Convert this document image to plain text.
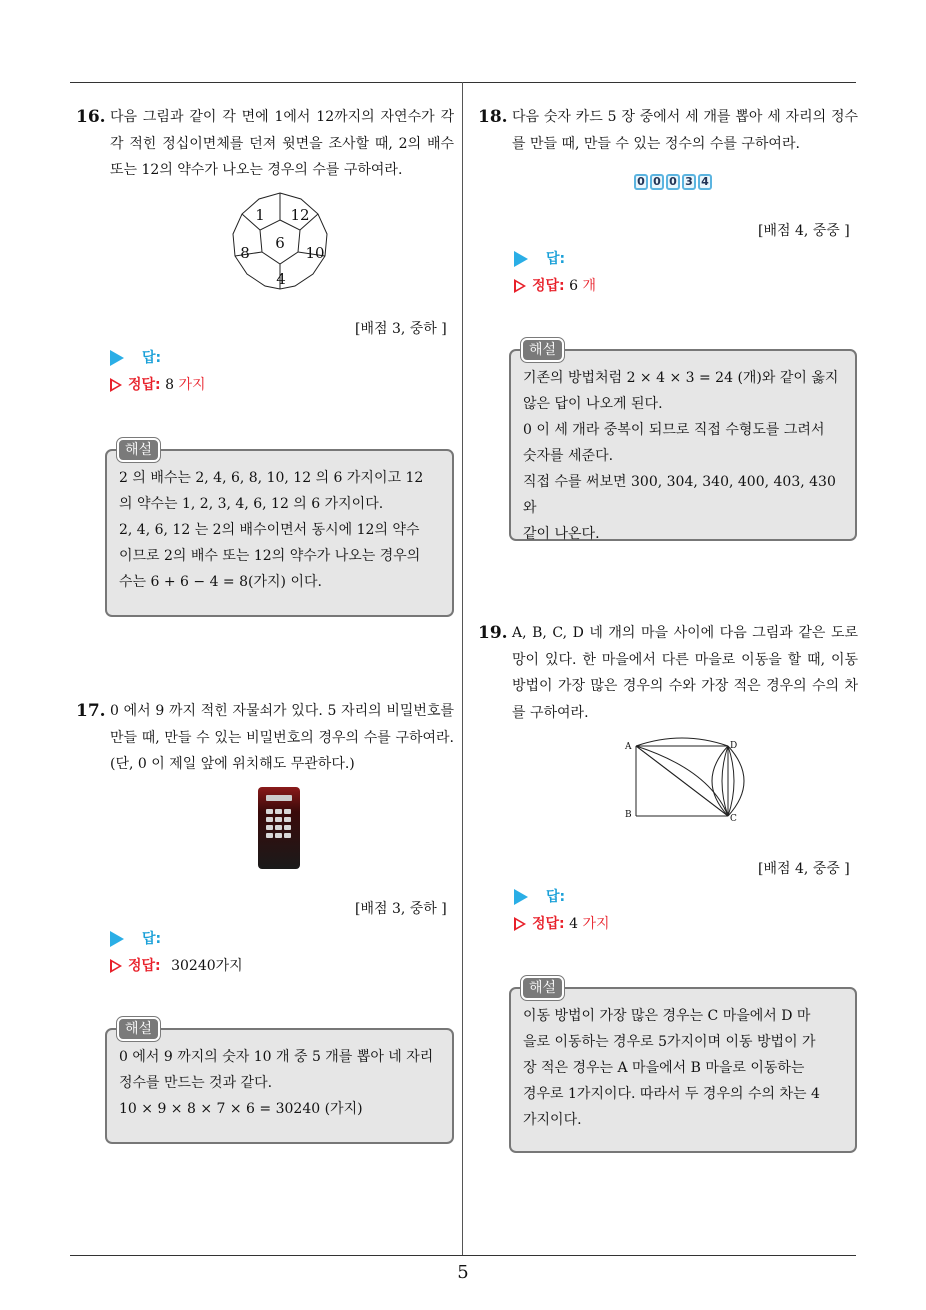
16. 다음 그림과 같이 각 면에 1에서 12까지의 자연수가 각각 적힌 정십이면체를 던져 윗면을 조사할 때, 2의 배수 또는 12의 약수가 나오는 경우의 수를 구하여라.
1 12
6
8	10
4
[배점 3, 중하 ]
답:
정답: 8 가지
해설
2 의 배수는 2, 4, 6, 8, 10, 12 의 6 가지이고 12
의 약수는 1, 2, 3, 4, 6, 12 의 6 가지이다.
2, 4, 6, 12 는 2의 배수이면서 동시에 12의 약수
이므로 2의 배수 또는 12의 약수가 나오는 경우의
수는 6 + 6 − 4 = 8(가지) 이다.
17. 0 에서 9 까지 적힌 자물쇠가 있다. 5 자리의 비밀번호를 만들 때, 만들 수 있는 비밀번호의 경우의 수를 구하여라. (단, 0 이 제일 앞에 위치해도 무관하다.)
[배점 3, 중하 ]
답:
정답: 30240가지
해설
0 에서 9 까지의 숫자 10 개 중 5 개를 뽑아 네 자리
정수를 만드는 것과 같다.
10 × 9 × 8 × 7 × 6 = 30240 (가지)
18. 다음 숫자 카드 5 장 중에서 세 개를 뽑아 세 자리의 정수를 만들 때, 만들 수 있는 정수의 수를 구하여라.
0 0 0 3 4
[배점 4, 중중 ]
답:
정답: 6 개
해설
기존의 방법처럼 2 × 4 × 3 = 24 (개)와 같이 옳지
않은 답이 나오게 된다.
0 이 세 개라 중복이 되므로 직접 수형도를 그려서
숫자를 세준다.
직접 수를 써보면 300, 304, 340, 400, 403, 430 와
같이 나온다.
19. A, B, C, D 네 개의 마을 사이에 다음 그림과 같은 도로망이 있다. 한 마을에서 다른 마을로 이동을 할 때, 이동 방법이 가장 많은 경우의 수와 가장 적은 경우의 수의 차를 구하여라.
A	D
B	C
[배점 4, 중중 ]
답:
정답: 4 가지
해설
이동 방법이 가장 많은 경우는 C 마을에서 D 마
을로 이동하는 경우로 5가지이며 이동 방법이 가
장 적은 경우는 A 마을에서 B 마을로 이동하는
경우로 1가지이다. 따라서 두 경우의 수의 차는 4
가지이다.
5
